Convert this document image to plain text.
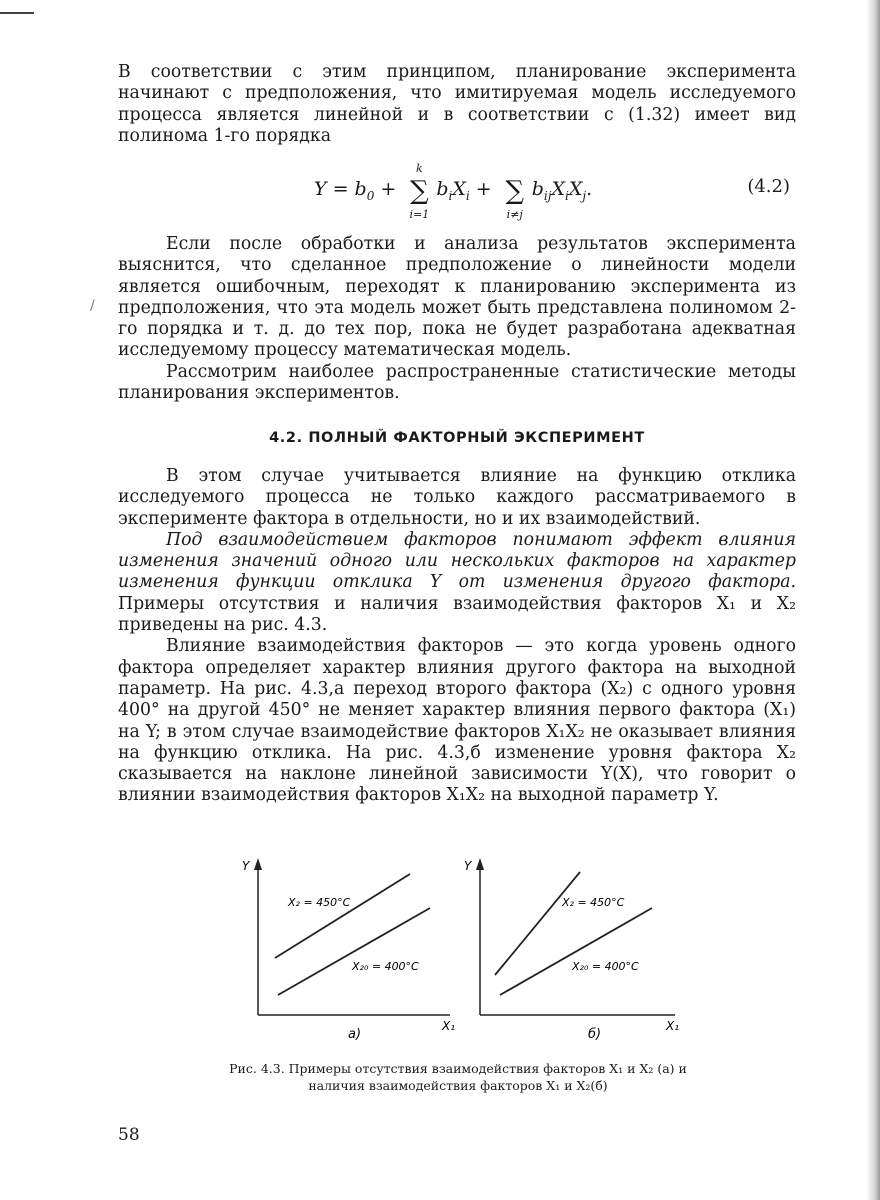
/

В соответствии с этим принципом, планирование эксперимента начинают с предположения, что имитируемая модель исследуемого процесса является линейной и в соответствии с (1.32) имеет вид полинома 1-го порядка

$Y = b_0$ + ∑
k
i=1
$b_iX_i$ + ∑
i≠j
$b_{ij}X_iX_j$.	(4.2)

Если после обработки и анализа результатов эксперимента выяснится, что сделанное предположение о линейности модели является ошибочным, переходят к планированию эксперимента из предположения, что эта модель может быть представлена полиномом 2-го порядка и т. д. до тех пор, пока не будет разработана адекватная исследуемому процессу математическая модель.

Рассмотрим наиболее распространенные статистические методы планирования экспериментов.

4.2. ПОЛНЫЙ ФАКТОРНЫЙ ЭКСПЕРИМЕНТ

В этом случае учитывается влияние на функцию отклика исследуемого процесса не только каждого рассматриваемого в эксперименте фактора в отдельности, но и их взаимодействий.

Под взаимодействием факторов понимают эффект влияния изменения значений одного или нескольких факторов на характер изменения функции отклика Y от изменения другого фактора. Примеры отсутствия и наличия взаимодействия факторов X₁ и X₂ приведены на рис. 4.3.

Влияние взаимодействия факторов — это когда уровень одного фактора определяет характер влияния другого фактора на выходной параметр. На рис. 4.3,а переход второго фактора (X₂) с одного уровня 400° на другой 450° не меняет характер влияния первого фактора (X₁) на Y; в этом случае взаимодействие факторов X₁X₂ не оказывает влияния на функцию отклика. На рис. 4.3,б изменение уровня фактора X₂ сказывается на наклоне линейной зависимости Y(X), что говорит о влиянии взаимодействия факторов X₁X₂ на выходной параметр Y.

Y
X₁
X₂ = 450°C
X₂₀ = 400°C
а)
Y
X₁
X₂ = 450°C
X₂₀ = 400°C
б)
Рис. 4.3. Примеры отсутствия взаимодействия факторов X₁ и X₂ (а) и наличия взаимодействия факторов X₁ и X₂(б)
58
